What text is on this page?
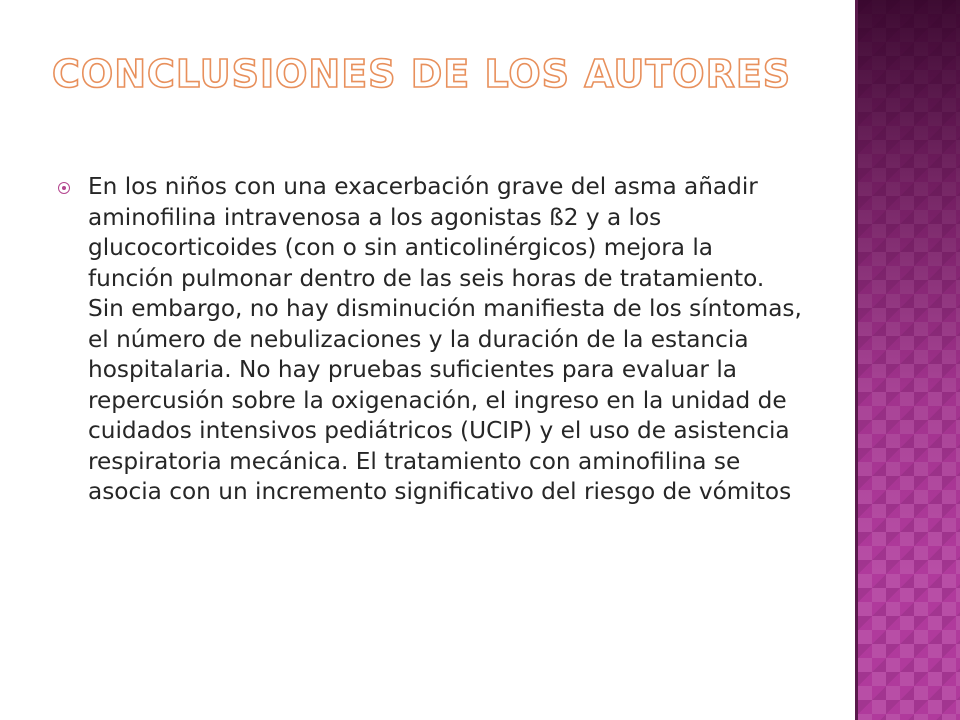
CONCLUSIONES DE LOS AUTORES
En los niños con una exacerbación grave del asma añadir aminofilina intravenosa a los agonistas ß2 y a los glucocorticoides (con o sin anticolinérgicos) mejora la función pulmonar dentro de las seis horas de tratamiento. Sin embargo, no hay disminución manifiesta de los síntomas, el número de nebulizaciones y la duración de la estancia hospitalaria. No hay pruebas suficientes para evaluar la repercusión sobre la oxigenación, el ingreso en la unidad de cuidados intensivos pediátricos (UCIP) y el uso de asistencia respiratoria mecánica. El tratamiento con aminofilina se asocia con un incremento significativo del riesgo de vómitos
